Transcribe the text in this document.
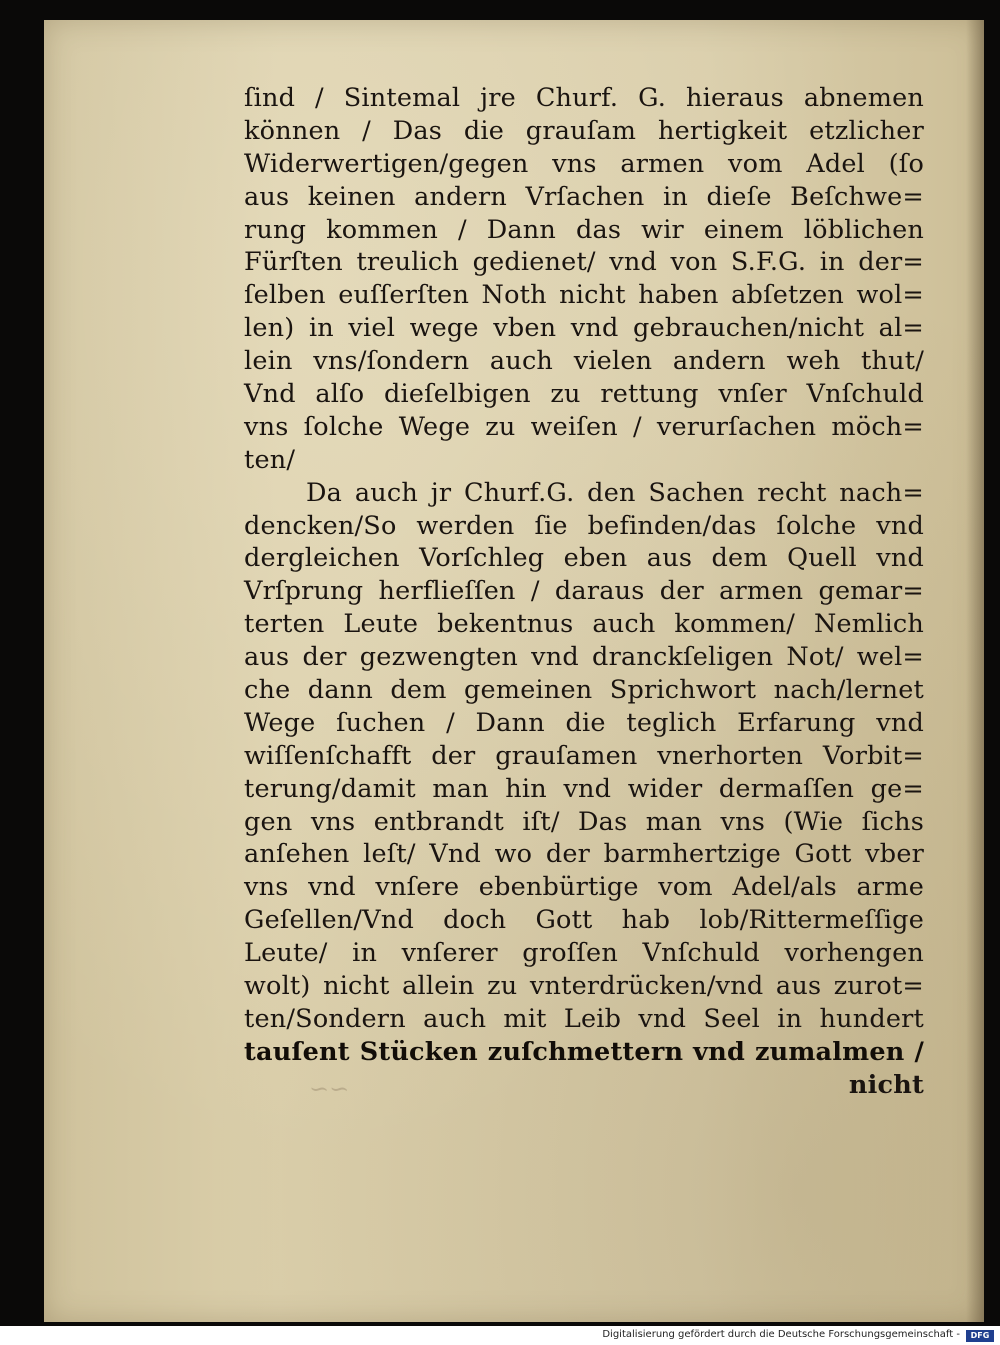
ſind / Sintemal jre Churf. G. hieraus abnemen
können / Das die grauſam hertigkeit etzlicher
Widerwertigen/gegen vns armen vom Adel (ſo
aus keinen andern Vrſachen in dieſe Beſchwe=
rung kommen / Dann das wir einem löblichen
Fürſten treulich gedienet/ vnd von S.F.G. in der=
ſelben euſſerſten Noth nicht haben abſetzen wol=
len) in viel wege vben vnd gebrauchen/nicht al=
lein vns/ſondern auch vielen andern weh thut/
Vnd alſo dieſelbigen zu rettung vnſer Vnſchuld
vns ſolche Wege zu weiſen / verurſachen möch=
ten/
Da auch jr Churf.G. den Sachen recht nach=
dencken/So werden ſie befinden/das ſolche vnd
dergleichen Vorſchleg eben aus dem Quell vnd
Vrſprung herflieſſen / daraus der armen gemar=
terten Leute bekentnus auch kommen/ Nemlich
aus der gezwengten vnd dranckſeligen Not/ wel=
che dann dem gemeinen Sprichwort nach/lernet
Wege ſuchen / Dann die teglich Erfarung vnd
wiſſenſchafft der grauſamen vnerhorten Vorbit=
terung/damit man hin vnd wider dermaſſen ge=
gen vns entbrandt iſt/ Das man vns (Wie ſichs
anſehen leſt/ Vnd wo der barmhertzige Gott vber
vns vnd vnſere ebenbürtige vom Adel/als arme
Geſellen/Vnd doch Gott hab lob/Rittermeſſige
Leute/ in vnſerer groſſen Vnſchuld vorhengen
wolt) nicht allein zu vnterdrücken/vnd aus zurot=
ten/Sondern auch mit Leib vnd Seel in hundert
tauſent Stücken zuſchmettern vnd zumalmen /
nicht
~~
Digitalisierung gefördert durch die Deutsche Forschungsgemeinschaft -	DFG
